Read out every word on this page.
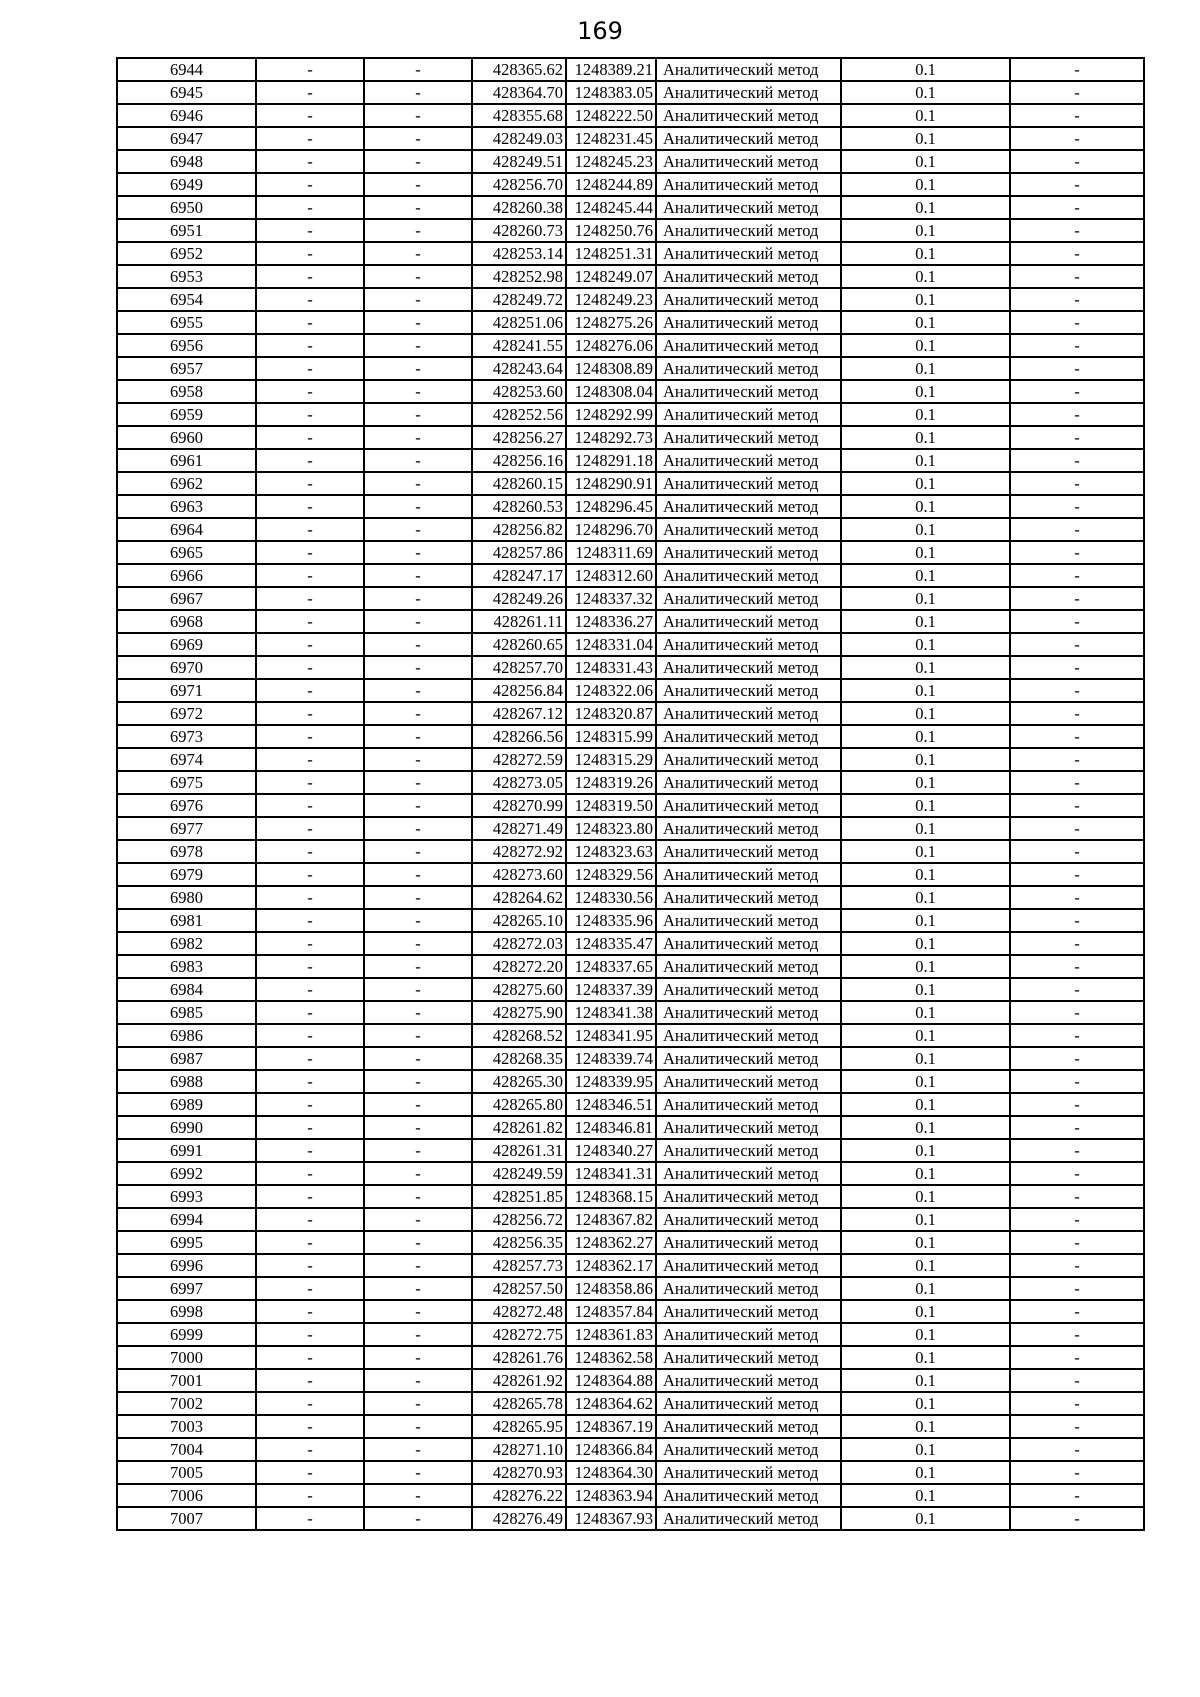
169
6944	-	-	428365.62	1248389.21	Аналитический метод	0.1	-
6945	-	-	428364.70	1248383.05	Аналитический метод	0.1	-
6946	-	-	428355.68	1248222.50	Аналитический метод	0.1	-
6947	-	-	428249.03	1248231.45	Аналитический метод	0.1	-
6948	-	-	428249.51	1248245.23	Аналитический метод	0.1	-
6949	-	-	428256.70	1248244.89	Аналитический метод	0.1	-
6950	-	-	428260.38	1248245.44	Аналитический метод	0.1	-
6951	-	-	428260.73	1248250.76	Аналитический метод	0.1	-
6952	-	-	428253.14	1248251.31	Аналитический метод	0.1	-
6953	-	-	428252.98	1248249.07	Аналитический метод	0.1	-
6954	-	-	428249.72	1248249.23	Аналитический метод	0.1	-
6955	-	-	428251.06	1248275.26	Аналитический метод	0.1	-
6956	-	-	428241.55	1248276.06	Аналитический метод	0.1	-
6957	-	-	428243.64	1248308.89	Аналитический метод	0.1	-
6958	-	-	428253.60	1248308.04	Аналитический метод	0.1	-
6959	-	-	428252.56	1248292.99	Аналитический метод	0.1	-
6960	-	-	428256.27	1248292.73	Аналитический метод	0.1	-
6961	-	-	428256.16	1248291.18	Аналитический метод	0.1	-
6962	-	-	428260.15	1248290.91	Аналитический метод	0.1	-
6963	-	-	428260.53	1248296.45	Аналитический метод	0.1	-
6964	-	-	428256.82	1248296.70	Аналитический метод	0.1	-
6965	-	-	428257.86	1248311.69	Аналитический метод	0.1	-
6966	-	-	428247.17	1248312.60	Аналитический метод	0.1	-
6967	-	-	428249.26	1248337.32	Аналитический метод	0.1	-
6968	-	-	428261.11	1248336.27	Аналитический метод	0.1	-
6969	-	-	428260.65	1248331.04	Аналитический метод	0.1	-
6970	-	-	428257.70	1248331.43	Аналитический метод	0.1	-
6971	-	-	428256.84	1248322.06	Аналитический метод	0.1	-
6972	-	-	428267.12	1248320.87	Аналитический метод	0.1	-
6973	-	-	428266.56	1248315.99	Аналитический метод	0.1	-
6974	-	-	428272.59	1248315.29	Аналитический метод	0.1	-
6975	-	-	428273.05	1248319.26	Аналитический метод	0.1	-
6976	-	-	428270.99	1248319.50	Аналитический метод	0.1	-
6977	-	-	428271.49	1248323.80	Аналитический метод	0.1	-
6978	-	-	428272.92	1248323.63	Аналитический метод	0.1	-
6979	-	-	428273.60	1248329.56	Аналитический метод	0.1	-
6980	-	-	428264.62	1248330.56	Аналитический метод	0.1	-
6981	-	-	428265.10	1248335.96	Аналитический метод	0.1	-
6982	-	-	428272.03	1248335.47	Аналитический метод	0.1	-
6983	-	-	428272.20	1248337.65	Аналитический метод	0.1	-
6984	-	-	428275.60	1248337.39	Аналитический метод	0.1	-
6985	-	-	428275.90	1248341.38	Аналитический метод	0.1	-
6986	-	-	428268.52	1248341.95	Аналитический метод	0.1	-
6987	-	-	428268.35	1248339.74	Аналитический метод	0.1	-
6988	-	-	428265.30	1248339.95	Аналитический метод	0.1	-
6989	-	-	428265.80	1248346.51	Аналитический метод	0.1	-
6990	-	-	428261.82	1248346.81	Аналитический метод	0.1	-
6991	-	-	428261.31	1248340.27	Аналитический метод	0.1	-
6992	-	-	428249.59	1248341.31	Аналитический метод	0.1	-
6993	-	-	428251.85	1248368.15	Аналитический метод	0.1	-
6994	-	-	428256.72	1248367.82	Аналитический метод	0.1	-
6995	-	-	428256.35	1248362.27	Аналитический метод	0.1	-
6996	-	-	428257.73	1248362.17	Аналитический метод	0.1	-
6997	-	-	428257.50	1248358.86	Аналитический метод	0.1	-
6998	-	-	428272.48	1248357.84	Аналитический метод	0.1	-
6999	-	-	428272.75	1248361.83	Аналитический метод	0.1	-
7000	-	-	428261.76	1248362.58	Аналитический метод	0.1	-
7001	-	-	428261.92	1248364.88	Аналитический метод	0.1	-
7002	-	-	428265.78	1248364.62	Аналитический метод	0.1	-
7003	-	-	428265.95	1248367.19	Аналитический метод	0.1	-
7004	-	-	428271.10	1248366.84	Аналитический метод	0.1	-
7005	-	-	428270.93	1248364.30	Аналитический метод	0.1	-
7006	-	-	428276.22	1248363.94	Аналитический метод	0.1	-
7007	-	-	428276.49	1248367.93	Аналитический метод	0.1	-
